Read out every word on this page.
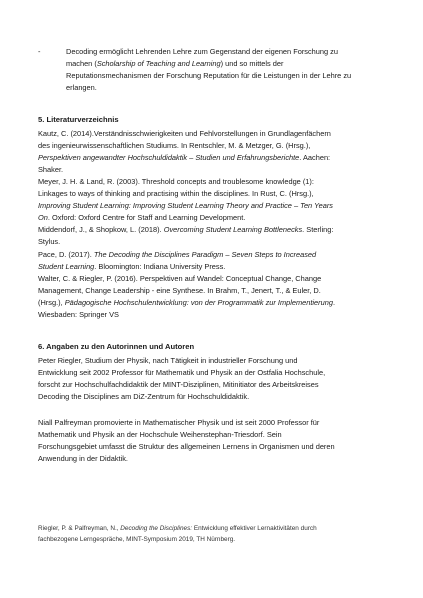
-	Decoding ermöglicht Lehrenden Lehre zum Gegenstand der eigenen Forschung zu
machen (Scholarship of Teaching and Learning) und so mittels der
Reputationsmechanismen der Forschung Reputation für die Leistungen in der Lehre zu
erlangen.
5. Literaturverzeichnis
Kautz, C. (2014).Verständnisschwierigkeiten und Fehlvorstellungen in Grundlagenfächern
des ingenieurwissenschaftlichen Studiums. In Rentschler, M. & Metzger, G. (Hrsg.),
Perspektiven angewandter Hochschuldidaktik – Studien und Erfahrungsberichte. Aachen:
Shaker.
Meyer, J. H. & Land, R. (2003). Threshold concepts and troublesome knowledge (1):
Linkages to ways of thinking and practising within the disciplines. In Rust, C. (Hrsg.),
Improving Student Learning: Improving Student Learning Theory and Practice – Ten Years
On. Oxford: Oxford Centre for Staff and Learning Development.
Middendorf, J., & Shopkow, L. (2018). Overcoming Student Learning Bottlenecks. Sterling:
Stylus.
Pace, D. (2017). The Decoding the Disciplines Paradigm – Seven Steps to Increased
Student Learning. Bloomington: Indiana University Press.
Walter, C. & Riegler, P. (2016). Perspektiven auf Wandel: Conceptual Change, Change
Management, Change Leadership - eine Synthese. In Brahm, T., Jenert, T., & Euler, D.
(Hrsg.), Pädagogische Hochschulentwicklung: von der Programmatik zur Implementierung.
Wiesbaden: Springer VS
6. Angaben zu den Autorinnen und Autoren
Peter Riegler, Studium der Physik, nach Tätigkeit in industrieller Forschung und
Entwicklung seit 2002 Professor für Mathematik und Physik an der Ostfalia Hochschule,
forscht zur Hochschulfachdidaktik der MINT-Disziplinen, Mitinitiator des Arbeitskreises
Decoding the Disciplines am DiZ-Zentrum für Hochschuldidaktik.
Niall Palfreyman promovierte in Mathematischer Physik und ist seit 2000 Professor für
Mathematik und Physik an der Hochschule Weihenstephan-Triesdorf. Sein
Forschungsgebiet umfasst die Struktur des allgemeinen Lernens in Organismen und deren
Anwendung in der Didaktik.
Riegler, P. & Palfreyman, N., Decoding the Disciplines: Entwicklung effektiver Lernaktivitäten durch
fachbezogene Lerngespräche, MINT-Symposium 2019, TH Nürnberg.
